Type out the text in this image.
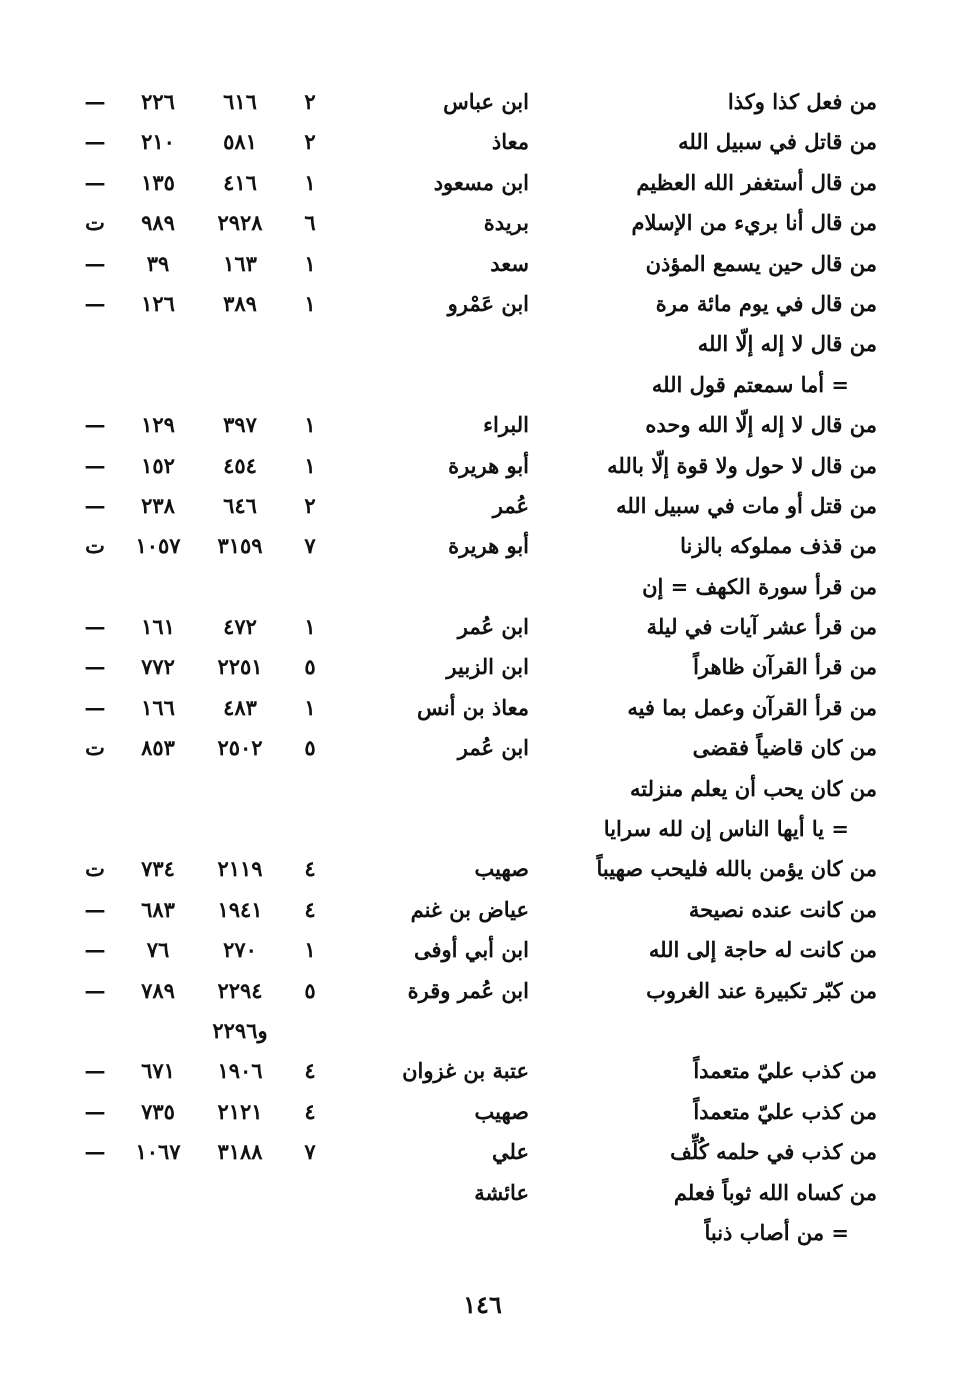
من فعل كذا وكذا
ابن عباس
٢
٦١٦
٢٢٦
—
من قاتل في سبيل الله
معاذ
٢
٥٨١
٢١٠
—
من قال أستغفر الله العظيم
ابن مسعود
١
٤١٦
١٣٥
—
من قال أنا بريء من الإسلام
بريدة
٦
٢٩٢٨
٩٨٩
ت
من قال حين يسمع المؤذن
سعد
١
١٦٣
٣٩
—
من قال في يوم مائة مرة
ابن عَمْرو
١
٣٨٩
١٢٦
—
من قال لا إله إلّا الله
= أما سمعتم قول الله
من قال لا إله إلّا الله وحده
البراء
١
٣٩٧
١٢٩
—
من قال لا حول ولا قوة إلّا بالله
أبو هريرة
١
٤٥٤
١٥٢
—
من قتل أو مات في سبيل الله
عُمر
٢
٦٤٦
٢٣٨
—
من قذف مملوكه بالزنا
أبو هريرة
٧
٣١٥٩
١٠٥٧
ت
من قرأ سورة الكهف = إن
من قرأ عشر آيات في ليلة
ابن عُمر
١
٤٧٢
١٦١
—
من قرأ القرآن ظاهراً
ابن الزبير
٥
٢٢٥١
٧٧٢
—
من قرأ القرآن وعمل بما فيه
معاذ بن أنس
١
٤٨٣
١٦٦
—
من كان قاضياً فقضى
ابن عُمر
٥
٢٥٠٢
٨٥٣
ت
من كان يحب أن يعلم منزلته
= يا أيها الناس إن لله سرايا
من كان يؤمن بالله فليحب صهيباً
صهيب
٤
٢١١٩
٧٣٤
ت
من كانت عنده نصيحة
عياض بن غنم
٤
١٩٤١
٦٨٣
—
من كانت له حاجة إلى الله
ابن أبي أوفى
١
٢٧٠
٧٦
—
من كبّر تكبيرة عند الغروب
ابن عُمر وقرة
٥
٢٢٩٤
٧٨٩
—
و٢٢٩٦
من كذب عليّ متعمداً
عتبة بن غزوان
٤
١٩٠٦
٦٧١
—
من كذب عليّ متعمداً
صهيب
٤
٢١٢١
٧٣٥
—
من كذب في حلمه كُلِّف
علي
٧
٣١٨٨
١٠٦٧
—
من كساه الله ثوباً فعلم
عائشة
= من أصاب ذنباً
١٤٦
